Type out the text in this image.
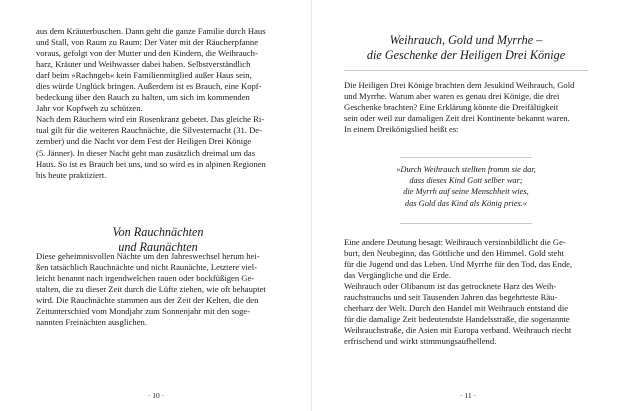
aus dem Kräuterbuschen. Dann geht die ganze Familie durch Haus

und Stall, von Raum zu Raum: Der Vater mit der Räucherpfanne

voraus, gefolgt von der Mutter und den Kindern, die Weihrauch-

harz, Kräuter und Weihwasser dabei haben. Selbstverständlich

darf beim »Rachngeh« kein Familienmitglied außer Haus sein,

dies würde Unglück bringen. Außerdem ist es Brauch, eine Kopf-

bedeckung über den Rauch zu halten, um sich im kommenden

Jahr vor Kopfweh zu schützen.

Nach dem Räuchern wird ein Rosenkranz gebetet. Das gleiche Ri-

tual gilt für die weiteren Rauchnächte, die Silvesternacht (31. De-

zember) und die Nacht vor dem Fest der Heiligen Drei Könige

(5. Jänner). In dieser Nacht geht man zusätzlich dreimal um das

Haus. So ist es Brauch bei uns, und so wird es in alpinen Regionen

bis heute praktiziert.

Von Rauchnächten
und Raunächten

Diese geheimnisvollen Nächte um den Jahreswechsel herum hei-

ßen tatsächlich Rauchnächte und nicht Raunächte, Letztere viel-

leicht benannt nach irgendwelchen rauen oder bockfüßigen Ge-

stalten, die zu dieser Zeit durch die Lüfte ziehen, wie oft behauptet

wird. Die Rauchnächte stammen aus der Zeit der Kelten, die den

Zeitunterschied vom Mondjahr zum Sonnenjahr mit den soge-

nannten Freinächten ausglichen.

· 10 ·
Weihrauch, Gold und Myrrhe –
die Geschenke der Heiligen Drei Könige

Die Heiligen Drei Könige brachten dem Jesukind Weihrauch, Gold

und Myrrhe. Warum aber waren es genau drei Könige, die drei

Geschenke brachten? Eine Erklärung könnte die Dreifältigkeit

sein oder weil zur damaligen Zeit drei Kontinente bekannt waren.

In einem Dreikönigslied heißt es:

»Durch Weihrauch stellten fromm sie dar,
dass dieses Kind Gott selber war;
die Myrrh auf seine Menschheit wies,
das Gold das Kind als König pries.«

Eine andere Deutung besagt: Weihrauch versinnbildlicht die Ge-

burt, den Neubeginn, das Göttliche und den Himmel. Gold steht

für die Jugend und das Leben. Und Myrrhe für den Tod, das Ende,

das Vergängliche und die Erde.

Weihrauch oder Olibanum ist das getrocknete Harz des Weih-

rauchstrauchs und seit Tausenden Jahren das begehrteste Räu-

cherharz der Welt. Durch den Handel mit Weihrauch entstand die

für die damalige Zeit bedeutendste Handelsstraße, die sogenannte

Weihrauchstraße, die Asien mit Europa verband. Weihrauch riecht

erfrischend und wirkt stimmungsaufhellend.

· 11 ·
